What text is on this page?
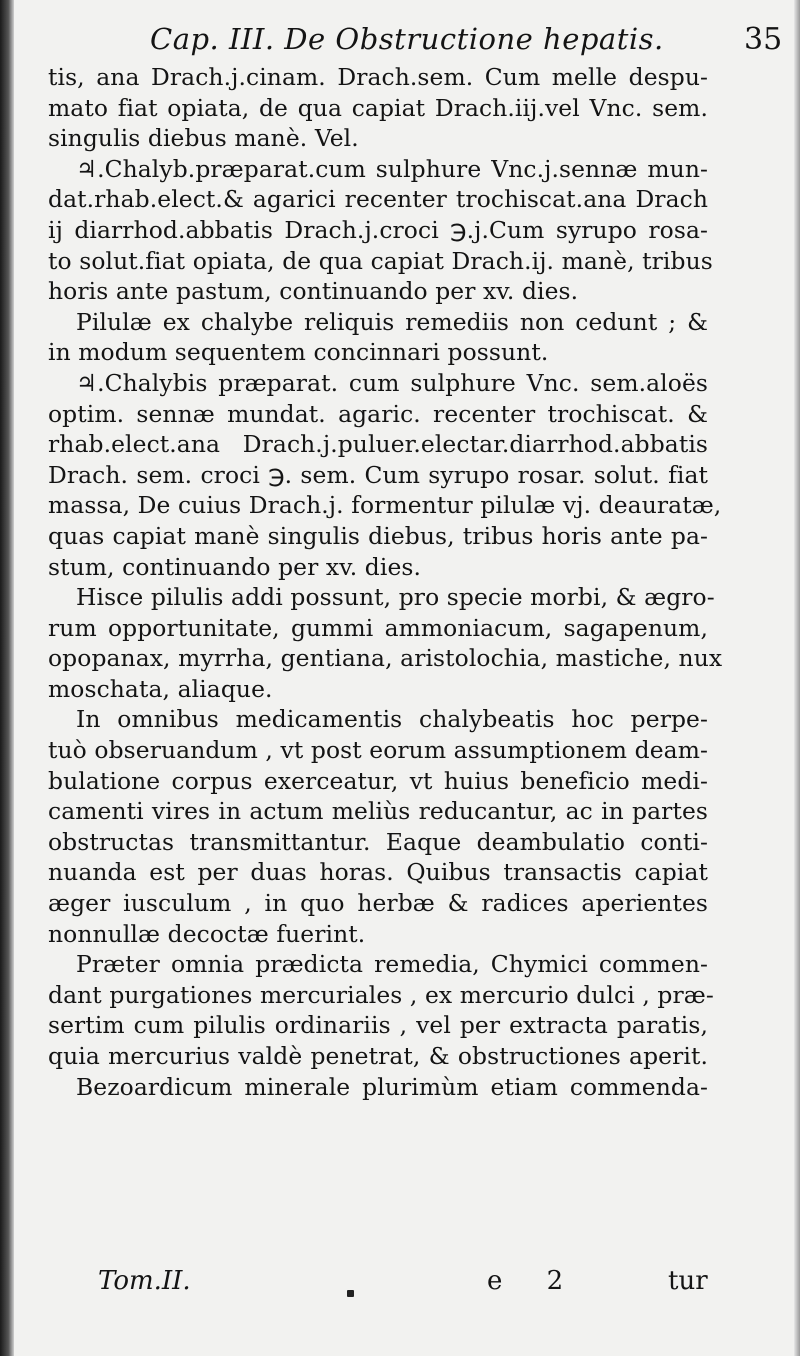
Cap. III. De Obstructione hepatis.	35
tis, ana Drach.j.cinam. Drach.sem. Cum melle despu-
mato fiat opiata, de qua capiat Drach.iij.vel Vnc. sem.
singulis diebus manè. Vel.
♃.Chalyb.præparat.cum sulphure Vnc.j.sennæ mun-
dat.rhab.elect.& agarici recenter trochiscat.ana Drach
ij diarrhod.abbatis Drach.j.croci ℈.j.Cum syrupo rosa-
to solut.fiat opiata, de qua capiat Drach.ij. manè, tribus
horis ante pastum, continuando per xv. dies.
Pilulæ ex chalybe reliquis remediis non cedunt ; &
in modum sequentem concinnari possunt.
♃.Chalybis præparat. cum sulphure Vnc. sem.aloës
optim. sennæ mundat. agaric. recenter trochiscat. &
rhab.elect.ana Drach.j.puluer.electar.diarrhod.abbatis
Drach. sem. croci ℈. sem. Cum syrupo rosar. solut. fiat
massa, De cuius Drach.j. formentur pilulæ vj. deauratæ,
quas capiat manè singulis diebus, tribus horis ante pa-
stum, continuando per xv. dies.
Hisce pilulis addi possunt, pro specie morbi, & ægro-
rum opportunitate, gummi ammoniacum, sagapenum,
opopanax, myrrha, gentiana, aristolochia, mastiche, nux
moschata, aliaque.
In omnibus medicamentis chalybeatis hoc perpe-
tuò obseruandum , vt post eorum assumptionem deam-
bulatione corpus exerceatur, vt huius beneficio medi-
camenti vires in actum meliùs reducantur, ac in partes
obstructas transmittantur. Eaque deambulatio conti-
nuanda est per duas horas. Quibus transactis capiat
æger iusculum , in quo herbæ & radices aperientes
nonnullæ decoctæ fuerint.
Præter omnia prædicta remedia, Chymici commen-
dant purgationes mercuriales , ex mercurio dulci , præ-
sertim cum pilulis ordinariis , vel per extracta paratis,
quia mercurius valdè penetrat, & obstructiones aperit.
Bezoardicum minerale plurimùm etiam commenda-
Tom.II.	e 2	tur
